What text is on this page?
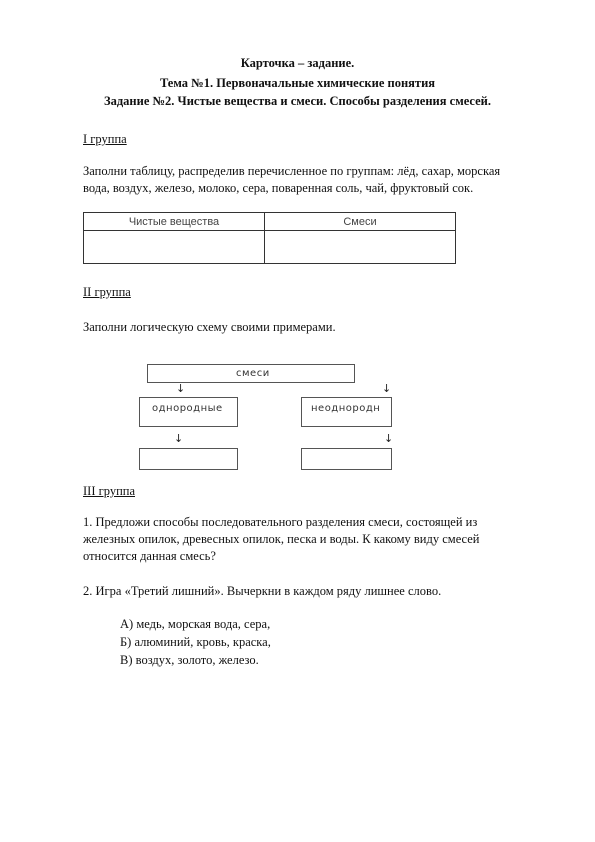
Карточка – задание.
Тема №1. Первоначальные химические понятия
Задание №2. Чистые вещества и смеси. Способы разделения смесей.
I группа
Заполни таблицу, распределив перечисленное по группам: лёд, сахар, морская
вода, воздух, железо, молоко, сера, поваренная соль, чай, фруктовый сок.
Чистые вещества	Смеси

II группа
Заполни логическую схему своими примерами.
смеси
↓	↓
однородные	неоднородн
↓	↓
III группа
1. Предложи способы последовательного разделения смеси, состоящей из
железных опилок, древесных опилок, песка и воды. К какому виду смесей
относится данная смесь?
2. Игра «Третий лишний». Вычеркни в каждом ряду лишнее слово.
А) медь, морская вода, сера,
Б) алюминий, кровь, краска,
В) воздух, золото, железо.
